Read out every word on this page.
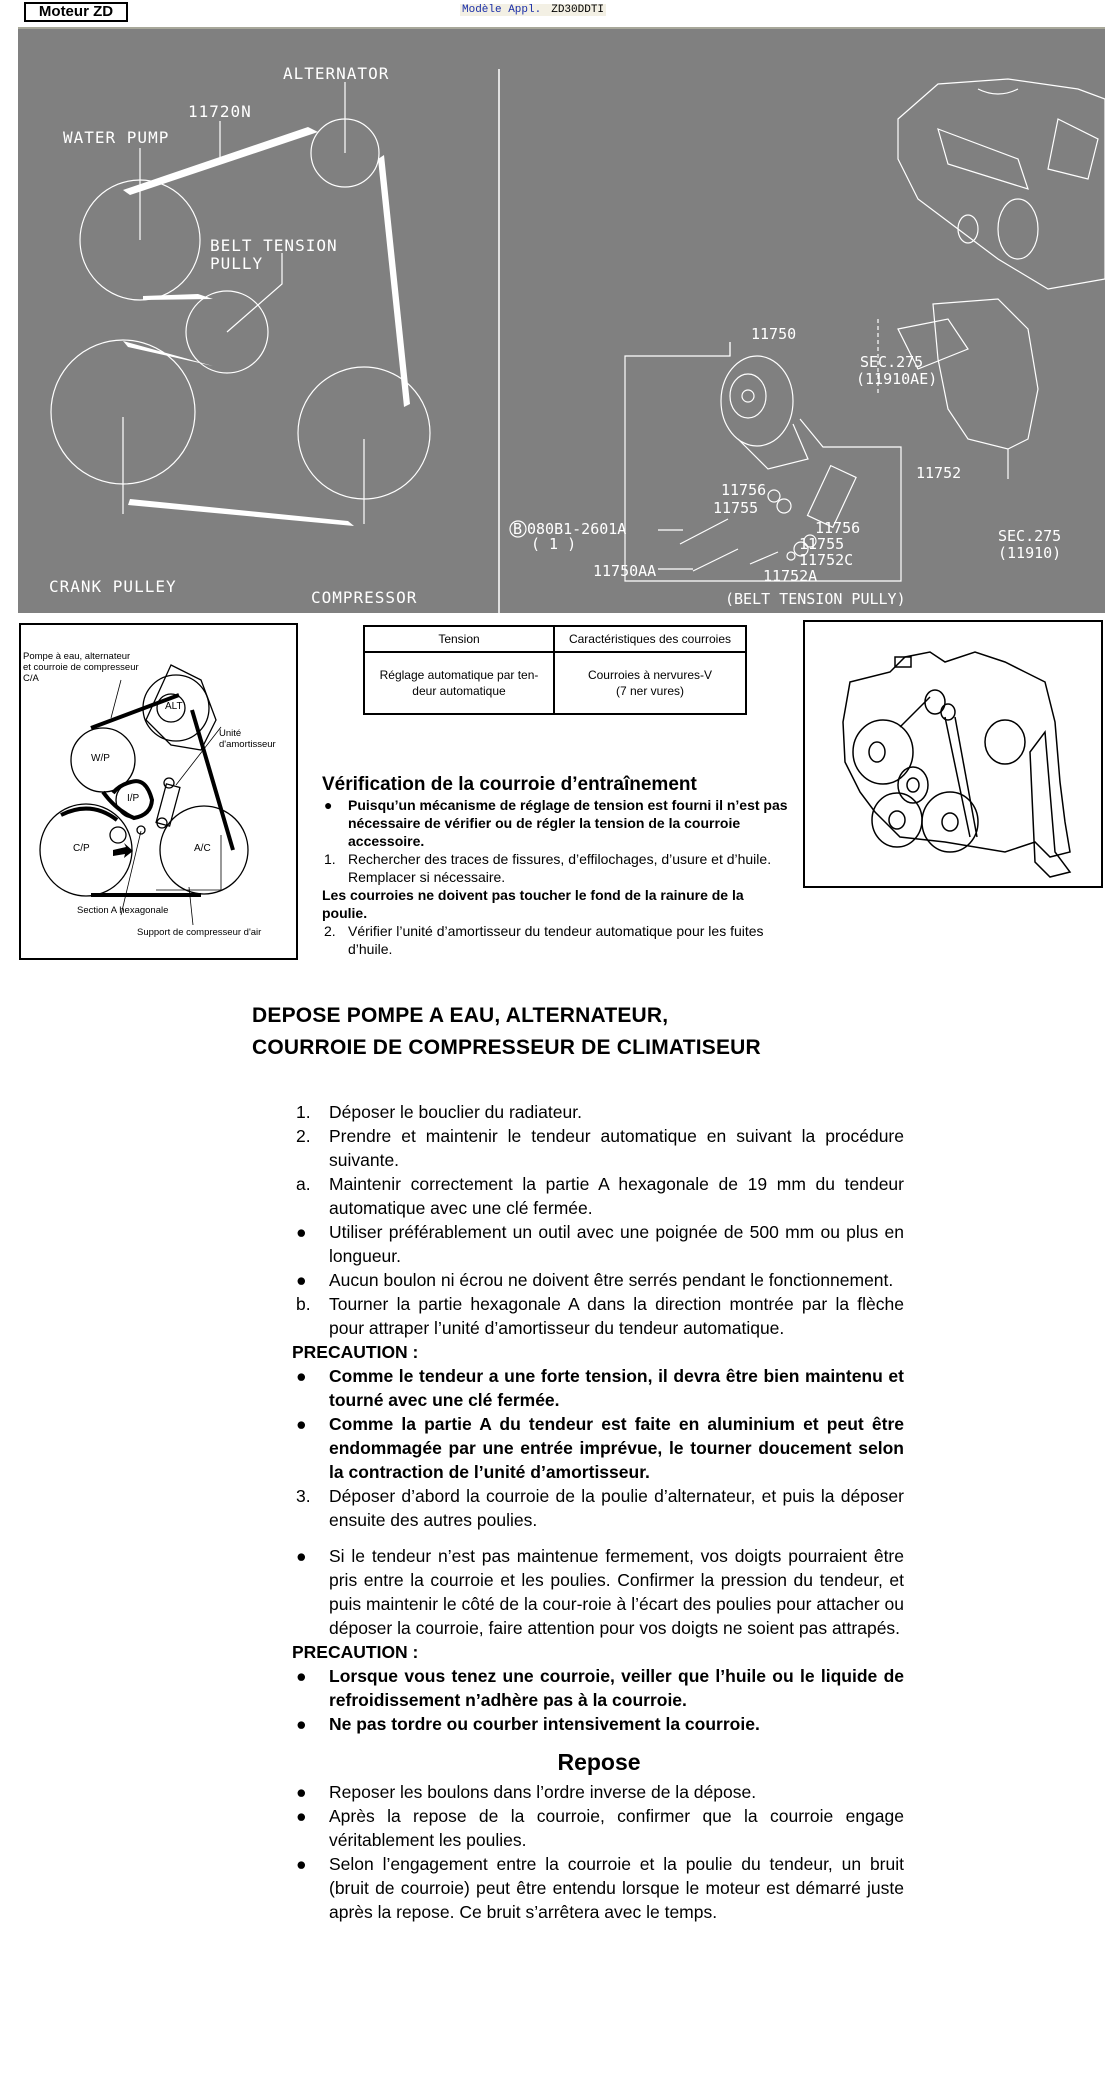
Moteur ZD	Modèle Appl. ZD30DDTI
ALTERNATOR
11720N
WATER PUMP
BELT TENSION
PULLY
CRANK PULLEY
COMPRESSOR
11750
SEC.275
(11910AE)
11752
11756
11755
B 080B1-2601A
( 1 )
11756
11755
11752C
11750AA	11752A
SEC.275
(11910)
(BELT TENSION PULLY)
Pompe à eau, alternateur
et courroie de compresseur
C/A
ALT
W/P
I/P
C/P	A/C
Unité
d'amortisseur
Section A hexagonale
Support de compresseur d'air
Tension	Caractéristiques des courroies

Réglage automatique par ten-
deur automatique

Courroies à nervures-V
(7 ner vures)
Vérification de la courroie d’entraînement
●	Puisqu’un mécanisme de réglage de tension est fourni il n’est pas nécessaire de vérifier ou de régler la tension de la courroie accessoire.
1. Rechercher des traces de fissures, d’effilochages, d’usure et d’huile. Remplacer si nécessaire.
Les courroies ne doivent pas toucher le fond de la rainure de la poulie.
2. Vérifier l’unité d’amortisseur du tendeur automatique pour les fuites d’huile.
DEPOSE POMPE A EAU, ALTERNATEUR,
COURROIE DE COMPRESSEUR DE CLIMATISEUR
1.	Déposer le bouclier du radiateur.
2.	Prendre et maintenir le tendeur automatique en suivant la procédure suivante.
a.	Maintenir correctement la partie A hexagonale de 19 mm du tendeur automatique avec une clé fermée.
●	Utiliser préférablement un outil avec une poignée de 500 mm ou plus en longueur.
●	Aucun boulon ni écrou ne doivent être serrés pendant le fonctionnement.
b.	Tourner la partie hexagonale A dans la direction montrée par la flèche pour attraper l’unité d’amortisseur du tendeur automatique.
PRECAUTION :
●	Comme le tendeur a une forte tension, il devra être bien maintenu et tourné avec une clé fermée.
●	Comme la partie A du tendeur est faite en aluminium et peut être endommagée par une entrée imprévue, le tourner doucement selon la contraction de l’unité d’amortisseur.
3.	Déposer d’abord la courroie de la poulie d’alternateur, et puis la déposer ensuite des autres poulies.
●	Si le tendeur n’est pas maintenue fermement, vos doigts pourraient être pris entre la courroie et les poulies. Confirmer la pression du tendeur, et puis maintenir le côté de la cour-roie à l’écart des poulies pour attacher ou déposer la courroie, faire attention pour vos doigts ne soient pas attrapés.
PRECAUTION :
●	Lorsque vous tenez une courroie, veiller que l’huile ou le liquide de refroidissement n’adhère pas à la courroie.
●	Ne pas tordre ou courber intensivement la courroie.
Repose
●	Reposer les boulons dans l’ordre inverse de la dépose.
●	Après la repose de la courroie, confirmer que la courroie engage véritablement les poulies.
●	Selon l’engagement entre la courroie et la poulie du tendeur, un bruit (bruit de courroie) peut être entendu lorsque le moteur est démarré juste après la repose. Ce bruit s’arrêtera avec le temps.
